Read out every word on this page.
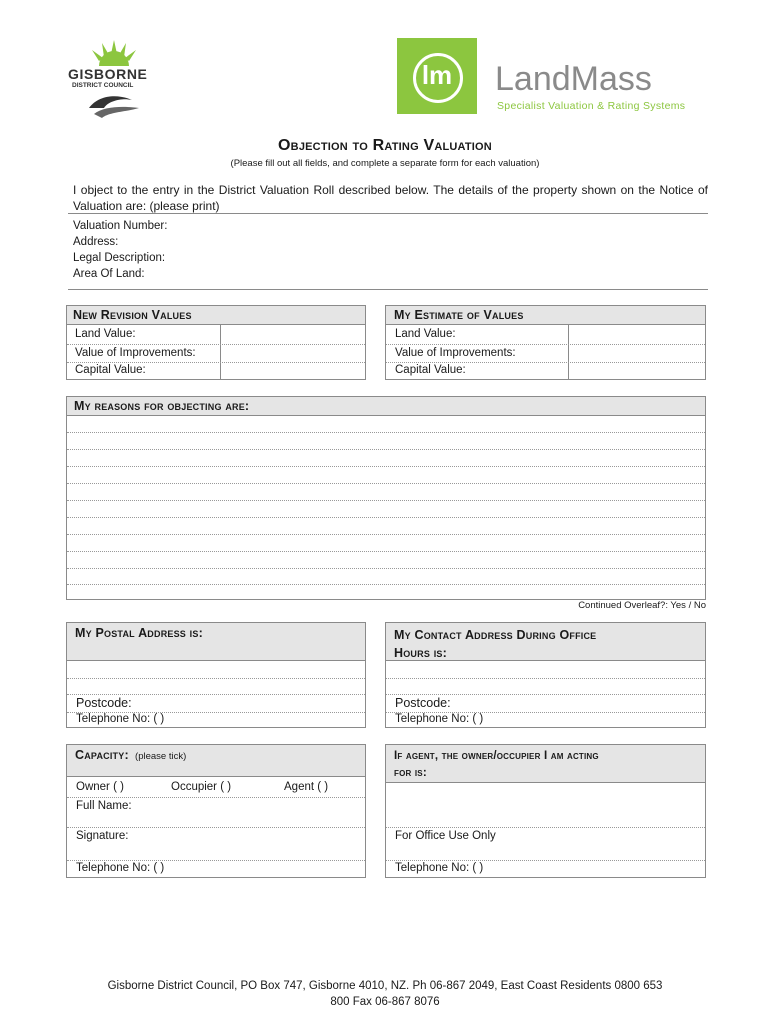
GISBORNE
DISTRICT COUNCIL	lm	LandMass
Specialist Valuation & Rating Systems
Objection to Rating Valuation
(Please fill out all fields, and complete a separate form for each valuation)
I object to the entry in the District Valuation Roll described below. The details of the property shown on the Notice of Valuation are: (please print)
Valuation Number:
Address:
Legal Description:
Area Of Land:
New Revision Values
Land Value:
Value of Improvements:
Capital Value:
My Estimate of Values
Land Value:
Value of Improvements:
Capital Value:
My reasons for objecting are:
Continued Overleaf?: Yes / No
My Postal Address is:
Postcode:
Telephone No: ( )
My Contact Address During Office
Hours is:
Postcode:
Telephone No: ( )
Capacity: (please tick)
Owner ( )	Occupier ( )	Agent ( )
Full Name:
Signature:
Telephone No: ( )
If agent, the owner/occupier I am acting
for is:
For Office Use Only
Telephone No: ( )
Gisborne District Council, PO Box 747, Gisborne 4010, NZ. Ph 06-867 2049, East Coast Residents 0800 653
800 Fax 06-867 8076
